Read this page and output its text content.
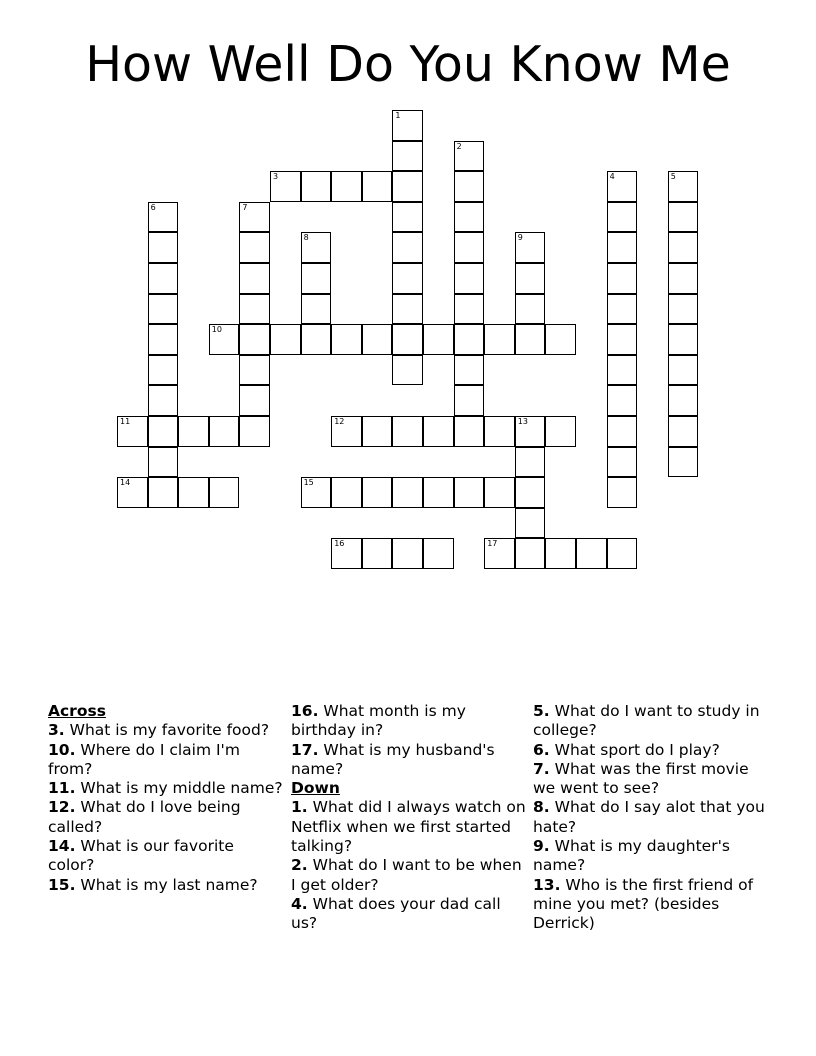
How Well Do You Know Me
1
2
3	4	5
6	7
8	9
10
11	12	13
14	15
16	17
Across
3. What is my favorite food?
10. Where do I claim I'm from?
11. What is my middle name?
12. What do I love being called?
14. What is our favorite color?
15. What is my last name?
16. What month is my birthday in?
17. What is my husband's name?
Down
1. What did I always watch on Netflix when we first started talking?
2. What do I want to be when I get older?
4. What does your dad call us?
5. What do I want to study in college?
6. What sport do I play?
7. What was the first movie we went to see?
8. What do I say alot that you hate?
9. What is my daughter's name?
13. Who is the first friend of mine you met? (besides Derrick)
